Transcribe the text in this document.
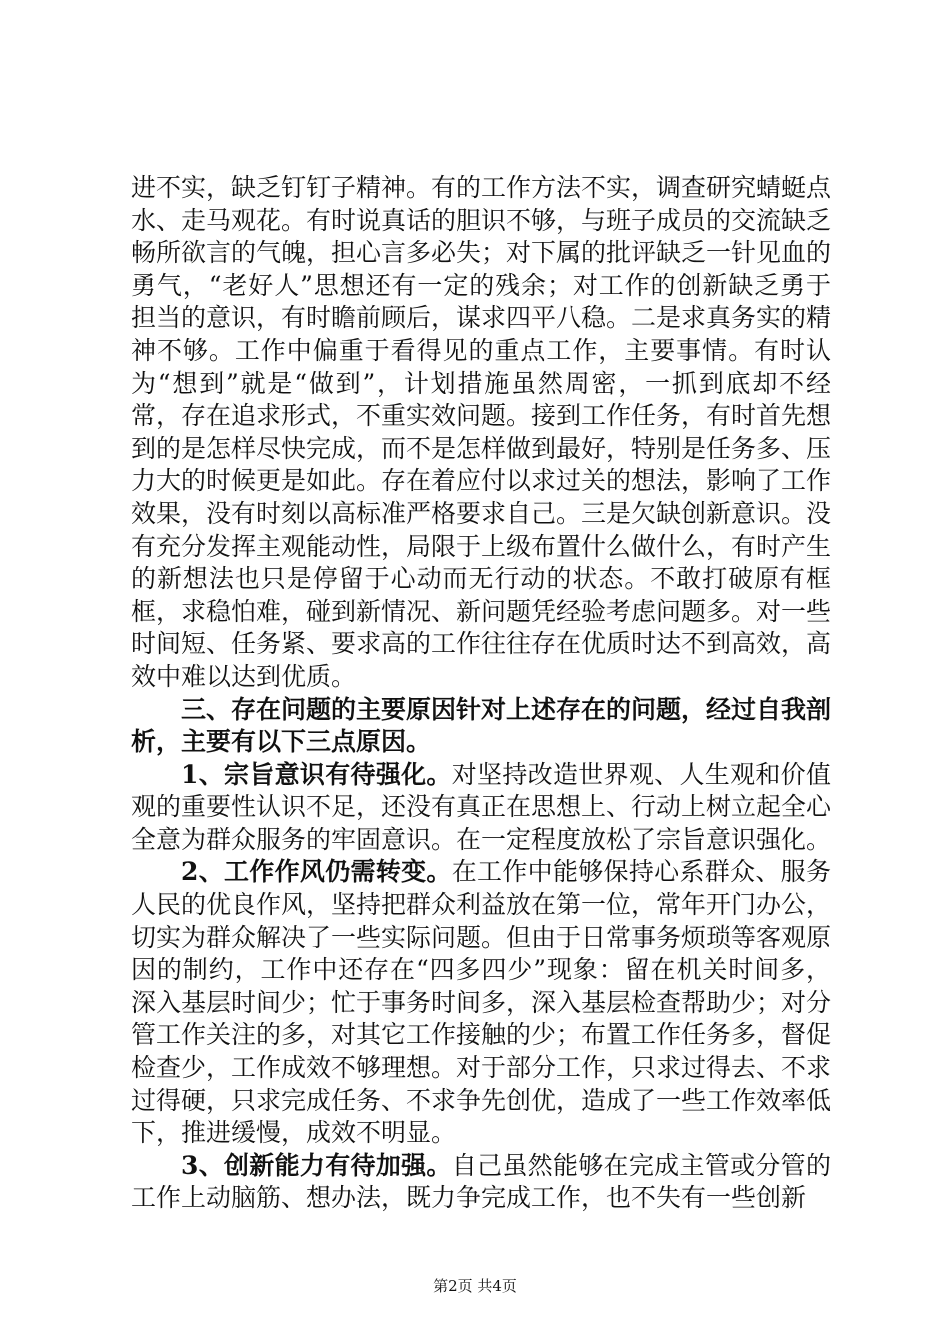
进不实，缺乏钉钉子精神。有的工作方法不实，调查研究蜻蜓点水、走马观花。有时说真话的胆识不够，与班子成员的交流缺乏畅所欲言的气魄，担心言多必失；对下属的批评缺乏一针见血的勇气，“老好人”思想还有一定的残余；对工作的创新缺乏勇于担当的意识，有时瞻前顾后，谋求四平八稳。二是求真务实的精神不够。工作中偏重于看得见的重点工作，主要事情。有时认为“想到”就是“做到”，计划措施虽然周密，一抓到底却不经常，存在追求形式，不重实效问题。接到工作任务，有时首先想到的是怎样尽快完成，而不是怎样做到最好，特别是任务多、压力大的时候更是如此。存在着应付以求过关的想法，影响了工作效果，没有时刻以高标准严格要求自己。三是欠缺创新意识。没有充分发挥主观能动性，局限于上级布置什么做什么，有时产生的新想法也只是停留于心动而无行动的状态。不敢打破原有框框，求稳怕难，碰到新情况、新问题凭经验考虑问题多。对一些时间短、任务紧、要求高的工作往往存在优质时达不到高效，高效中难以达到优质。

三、存在问题的主要原因针对上述存在的问题，经过自我剖析，主要有以下三点原因。

1、宗旨意识有待强化。对坚持改造世界观、人生观和价值观的重要性认识不足，还没有真正在思想上、行动上树立起全心全意为群众服务的牢固意识。在一定程度放松了宗旨意识强化。

2、工作作风仍需转变。在工作中能够保持心系群众、服务人民的优良作风，坚持把群众利益放在第一位，常年开门办公，切实为群众解决了一些实际问题。但由于日常事务烦琐等客观原因的制约，工作中还存在“四多四少”现象：留在机关时间多，深入基层时间少；忙于事务时间多，深入基层检查帮助少；对分管工作关注的多，对其它工作接触的少；布置工作任务多，督促检查少，工作成效不够理想。对于部分工作，只求过得去、不求过得硬，只求完成任务、不求争先创优，造成了一些工作效率低下，推进缓慢，成效不明显。

3、创新能力有待加强。自己虽然能够在完成主管或分管的工作上动脑筋、想办法，既力争完成工作，也不失有一些创新

第2页 共4页
